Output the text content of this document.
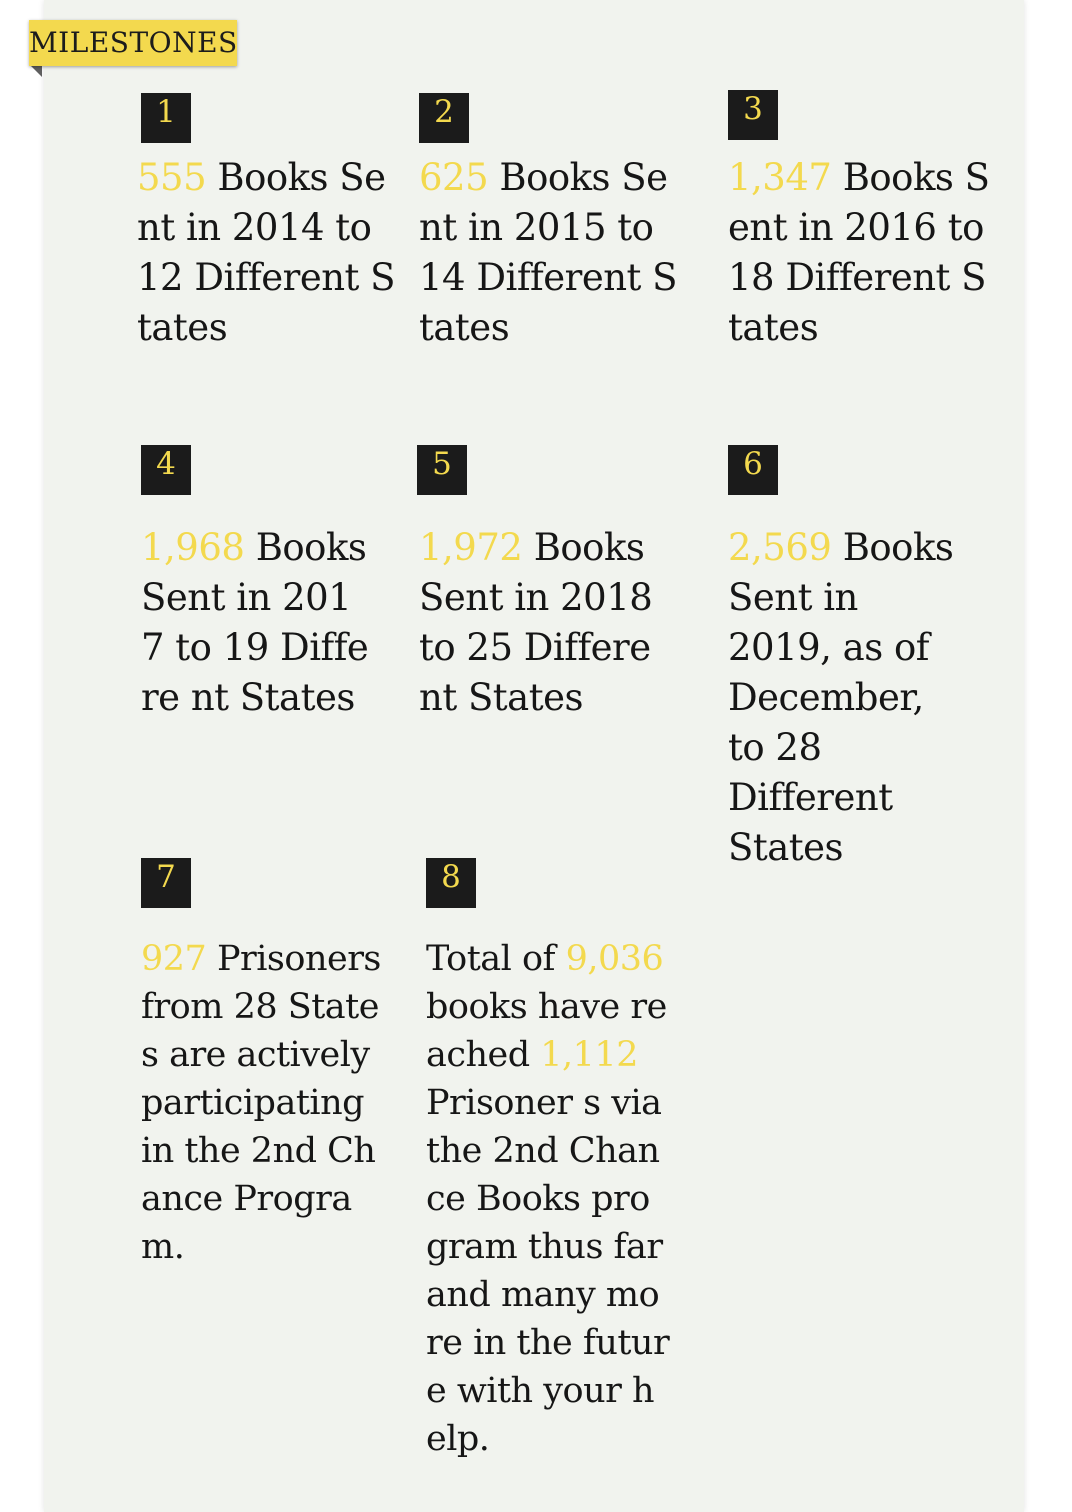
MILESTONES
1

555 Books Sent in 2014 to 12 Different States

2

625 Books Sent in 2015 to 14 Different States

3

1,347 Books Sent in 2016 to 18 Different States

4

1,968 Books Sent in 2017 to 19 Differe nt States

5

1,972 Books Sent in 2018 to 25 Differe nt States

6

2,569 Books Sent in 2019, as of December, to 28 Different States

7

927 Prisoners from 28 State s are actively participating in the 2nd Chance Program.

8

Total of 9,036 books have reached 1,112 Prisoner s via the 2nd Chance Books program thus far and many more in the future with your help.
